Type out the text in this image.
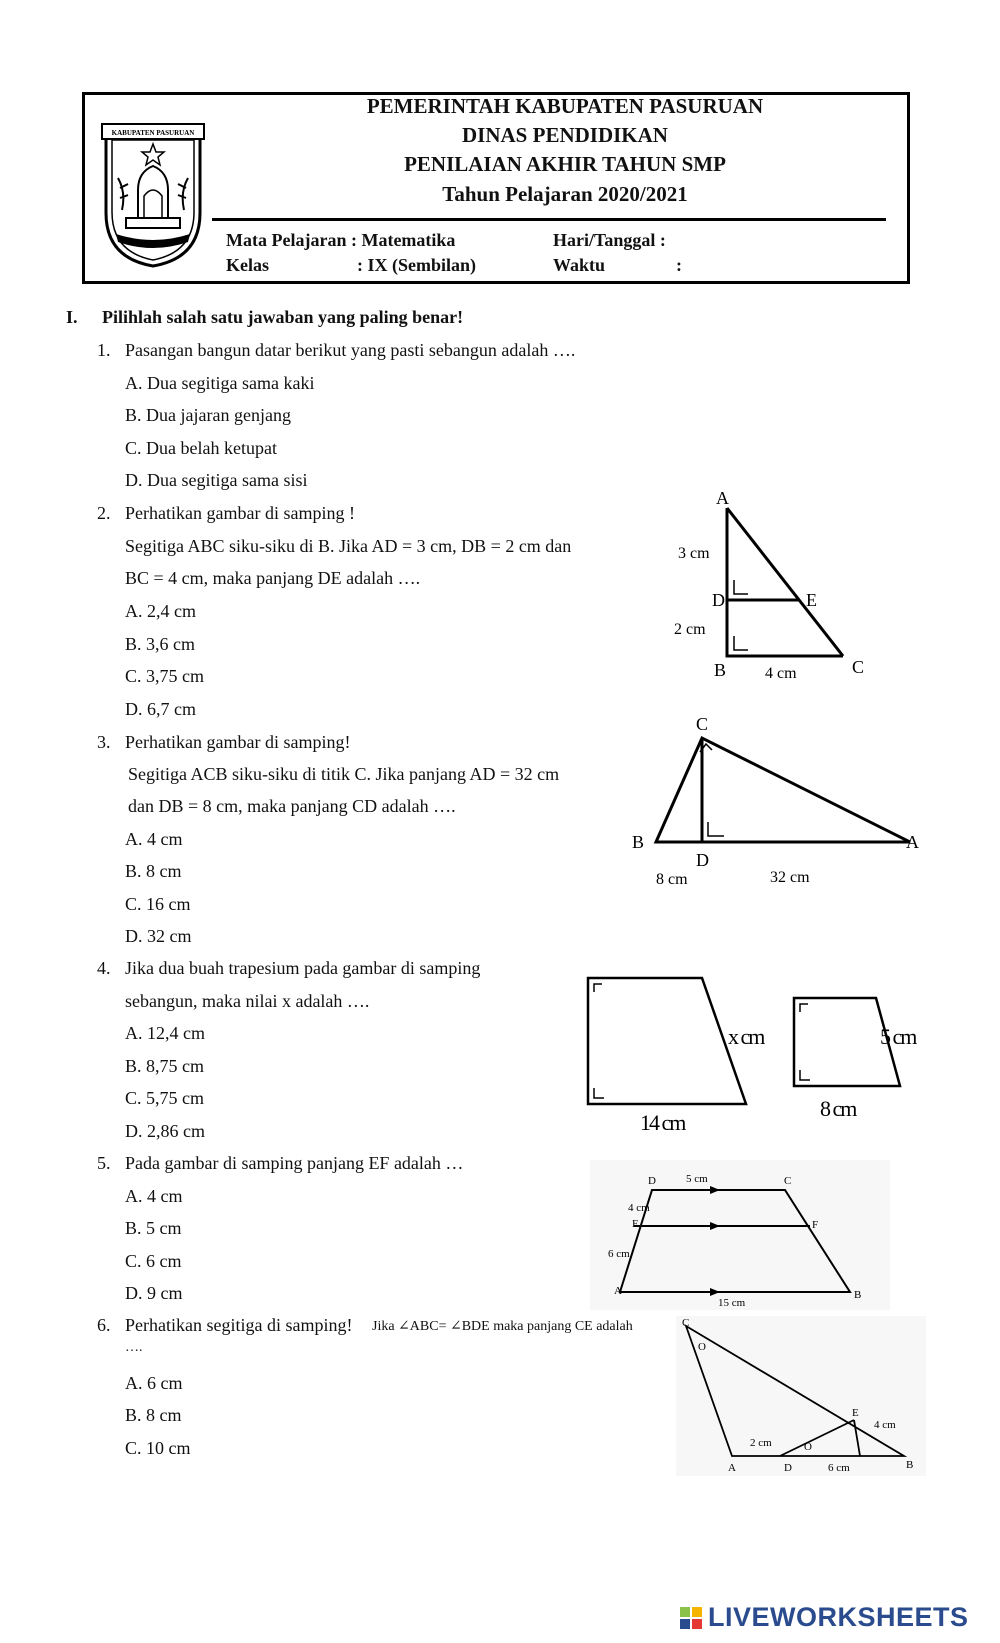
KABUPATEN PASURUAN
PEMERINTAH KABUPATEN PASURUAN
DINAS PENDIDIKAN
PENILAIAN AKHIR TAHUN SMP
Tahun Pelajaran 2020/2021
Mata Pelajaran : Matematika	Hari/Tanggal :
Kelas	: IX (Sembilan)	Waktu	:
I. Pilihlah salah satu jawaban yang paling benar!
1. Pasangan bangun datar berikut yang pasti sebangun adalah ….
A. Dua segitiga sama kaki
B. Dua jajaran genjang
C. Dua belah ketupat
D. Dua segitiga sama sisi
2. Perhatikan gambar di samping !
Segitiga ABC siku-siku di B. Jika AD = 3 cm, DB = 2 cm dan
BC = 4 cm, maka panjang DE adalah ….
A. 2,4 cm
B. 3,6 cm
C. 3,75 cm
D. 6,7 cm
A
D	E
B	C
3 cm
2 cm
4 cm
3. Perhatikan gambar di samping!
Segitiga ACB siku-siku di titik C. Jika panjang AD = 32 cm
dan DB = 8 cm, maka panjang CD adalah ….
A. 4 cm
B. 8 cm
C. 16 cm
D. 32 cm
C
B
D
A
8 cm	32 cm
4. Jika dua buah trapesium pada gambar di samping
sebangun, maka nilai x adalah ….
A. 12,4 cm
B. 8,75 cm
C. 5,75 cm
D. 2,86 cm
x cm
14 cm
5 cm
8 cm
5. Pada gambar di samping panjang EF adalah …
A. 4 cm
B. 5 cm
C. 6 cm
D. 9 cm
D	5 cm	C
4 cm
E	F
6 cm
A	B
15 cm
6. Perhatikan segitiga di samping! Jika ∠ABC= ∠BDE maka panjang CE adalah
….
A. 6 cm
B. 8 cm
C. 10 cm
C
O
E
4 cm
2 cm	O
A	D	6 cm	B
LIVEWORKSHEETS
